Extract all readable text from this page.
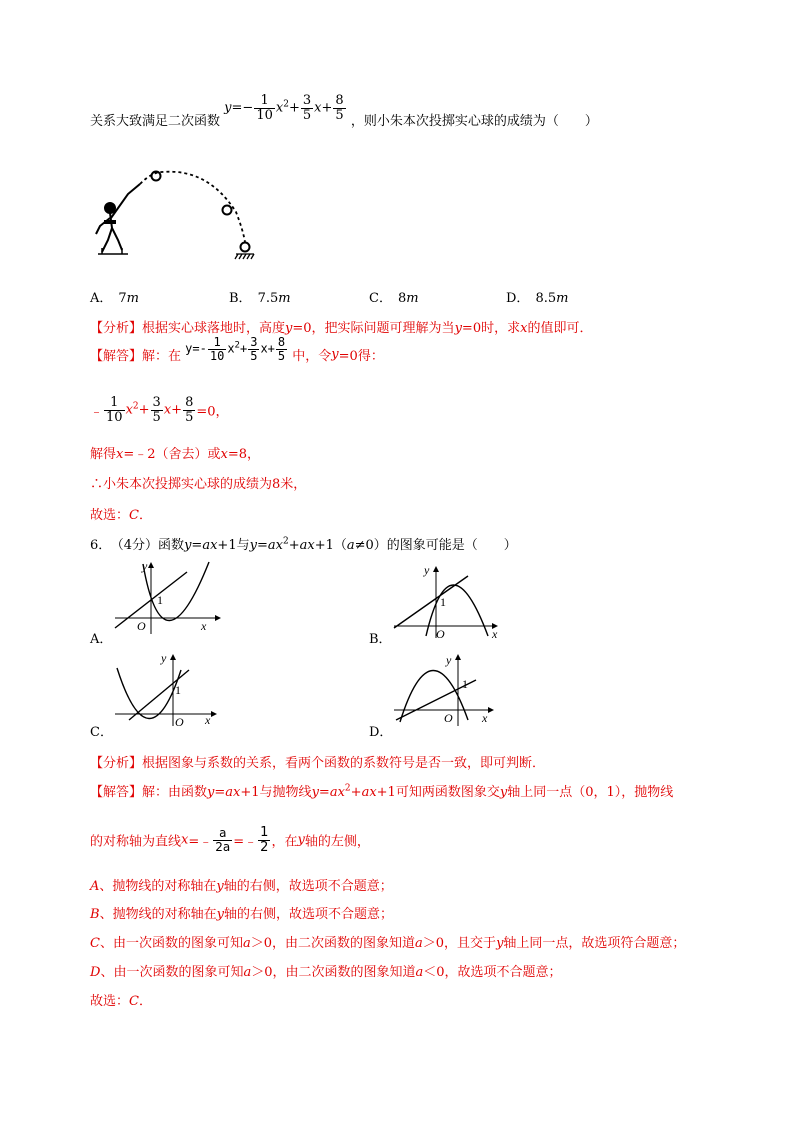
关系大致满足二次函数 $y=- \frac{1}{10} x^2+ \frac{3}{5} x+ \frac{8}{5}$ ，则小朱本次投掷实心球的成绩为（　　）
A． 7m	B． 7.5m	C． 8m	D． 8.5m
【分析】根据实心球落地时，高度y=0，把实际问题可理解为当y=0时，求x的值即可．
【解答】解：在 $y=- \frac{1}{10} x^2+ \frac{3}{5} x+ \frac{8}{5}$ 中，令y=0得：
﹣ $\frac{1}{10} x^2+ \frac{3}{5} x+ \frac{8}{5} =0$，
解得x=﹣2（舍去）或x=8，
∴小朱本次投掷实心球的成绩为8米，
故选：C．
6． （4分）函数y=ax+1与$y=ax^2+ax+1(a\ne 0)$的图象可能是（　　）
A．
y
x
O
1
B．
y
x
O
1
C．
y
x
O
1
D．
y
x
O
1
【分析】根据图象与系数的关系，看两个函数的系数符号是否一致，即可判断．
【解答】解：由函数y=ax+1与抛物线$y=ax^2+ax+1$可知两函数图象交y轴上同一点（0，1），抛物线
的对称轴为直线x=﹣ $\frac{a}{2a}$ =﹣ $\frac{1}{2}$ ，在y轴的左侧，
A、抛物线的对称轴在y轴的右侧，故选项不合题意；
B、抛物线的对称轴在y轴的右侧，故选项不合题意；
C、由一次函数的图象可知a＞0，由二次函数的图象知道a＞0，且交于y轴上同一点，故选项符合题意；
D、由一次函数的图象可知a＞0，由二次函数的图象知道a＜0，故选项不合题意；
故选：C．
